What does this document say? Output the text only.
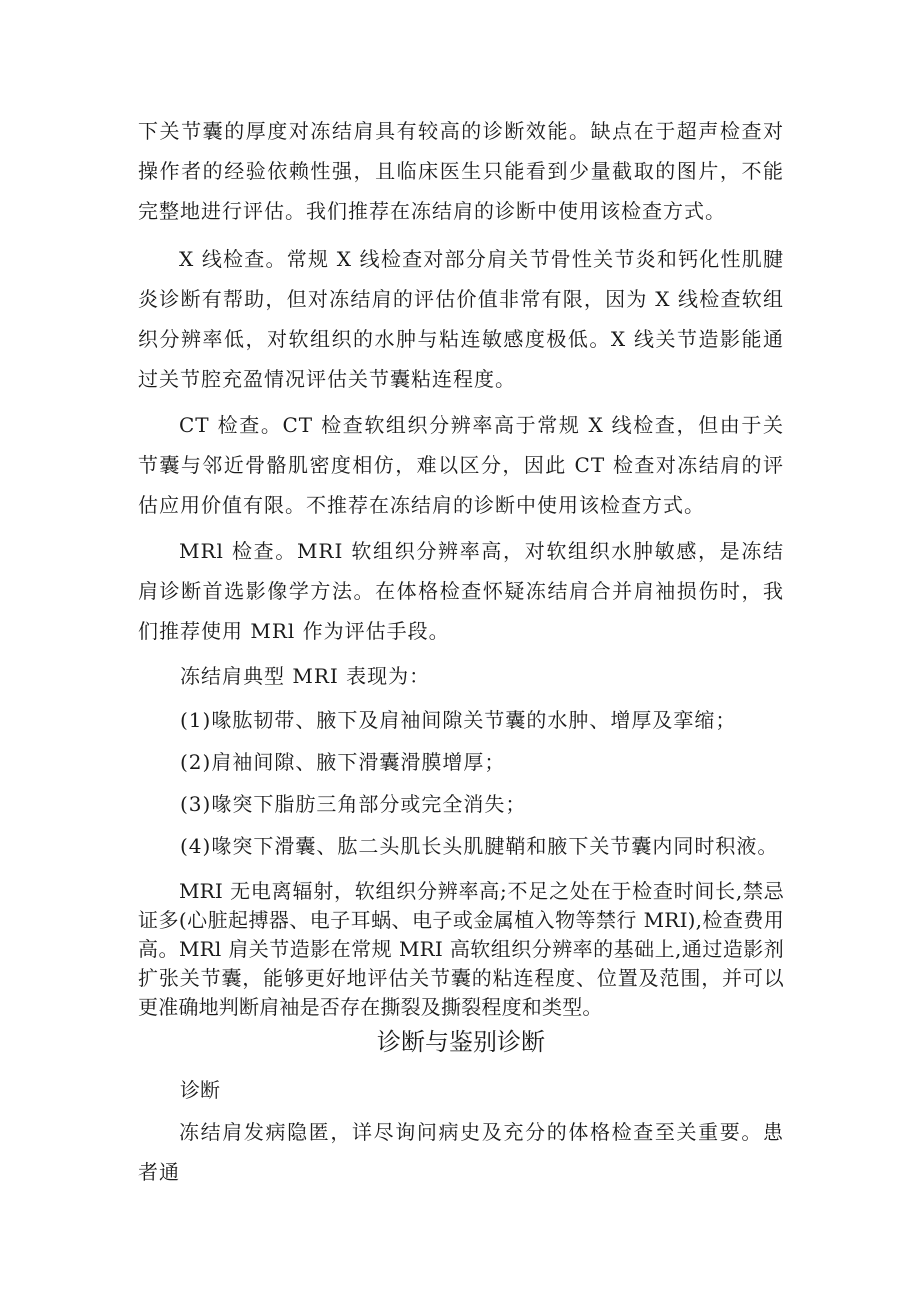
下关节囊的厚度对冻结肩具有较高的诊断效能。缺点在于超声检查对操作者的经验依赖性强，且临床医生只能看到少量截取的图片，不能完整地进行评估。我们推荐在冻结肩的诊断中使用该检查方式。

X 线检查。常规 X 线检查对部分肩关节骨性关节炎和钙化性肌腱炎诊断有帮助，但对冻结肩的评估价值非常有限，因为 X 线检查软组织分辨率低，对软组织的水肿与粘连敏感度极低。X 线关节造影能通过关节腔充盈情况评估关节囊粘连程度。

CT 检查。CT 检查软组织分辨率高于常规 X 线检查，但由于关节囊与邻近骨骼肌密度相仿，难以区分，因此 CT 检查对冻结肩的评估应用价值有限。不推荐在冻结肩的诊断中使用该检查方式。

MRl 检查。MRI 软组织分辨率高，对软组织水肿敏感，是冻结肩诊断首选影像学方法。在体格检查怀疑冻结肩合并肩袖损伤时，我们推荐使用 MRl 作为评估手段。

冻结肩典型 MRI 表现为：

(1)喙肱韧带、腋下及肩袖间隙关节囊的水肿、增厚及挛缩；

(2)肩袖间隙、腋下滑囊滑膜增厚；

(3)喙突下脂肪三角部分或完全消失；

(4)喙突下滑囊、肱二头肌长头肌腱鞘和腋下关节囊内同时积液。

MRI 无电离辐射，软组织分辨率高;不足之处在于检查时间长,禁忌证多(心脏起搏器、电子耳蜗、电子或金属植入物等禁行 MRI),检查费用高。MRl 肩关节造影在常规 MRI 高软组织分辨率的基础上,通过造影剂扩张关节囊，能够更好地评估关节囊的粘连程度、位置及范围，并可以更准确地判断肩袖是否存在撕裂及撕裂程度和类型。

诊断与鉴别诊断

诊断

冻结肩发病隐匿，详尽询问病史及充分的体格检查至关重要。患者通
